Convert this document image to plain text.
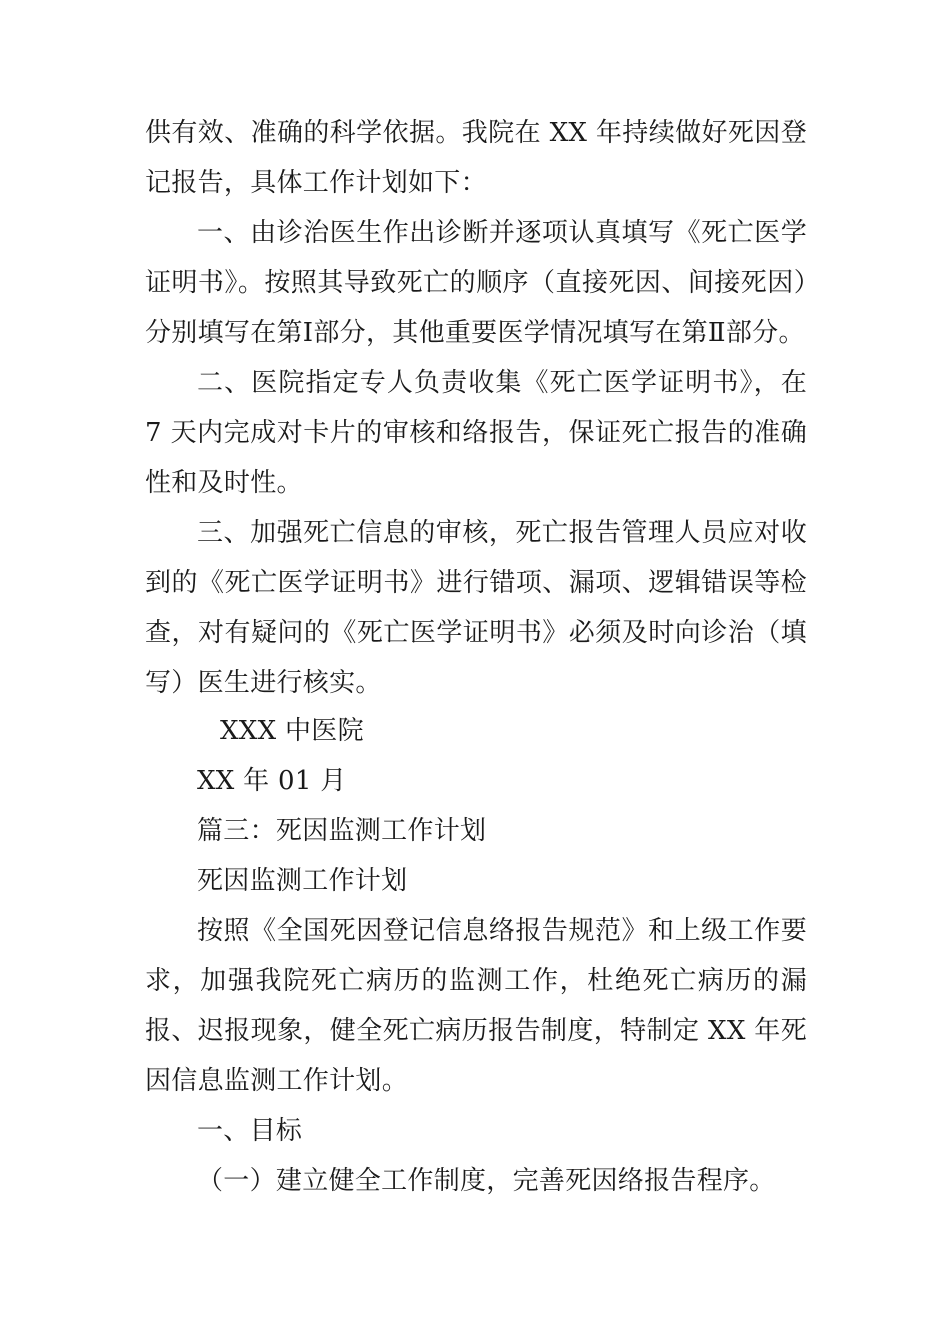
供有效、准确的科学依据。我院在 XX 年持续做好死因登记报告，具体工作计划如下：

一、由诊治医生作出诊断并逐项认真填写《死亡医学证明书》。按照其导致死亡的顺序（直接死因、间接死因）分别填写在第Ⅰ部分，其他重要医学情况填写在第Ⅱ部分。

二、医院指定专人负责收集《死亡医学证明书》，在 7 天内完成对卡片的审核和络报告，保证死亡报告的准确性和及时性。

三、加强死亡信息的审核，死亡报告管理人员应对收到的《死亡医学证明书》进行错项、漏项、逻辑错误等检查，对有疑问的《死亡医学证明书》必须及时向诊治（填写）医生进行核实。

XXX 中医院
XX 年 01 月
篇三：死因监测工作计划
死因监测工作计划

按照《全国死因登记信息络报告规范》和上级工作要求，加强我院死亡病历的监测工作，杜绝死亡病历的漏报、迟报现象，健全死亡病历报告制度，特制定 XX 年死因信息监测工作计划。

一、目标
（一）建立健全工作制度，完善死因络报告程序。
